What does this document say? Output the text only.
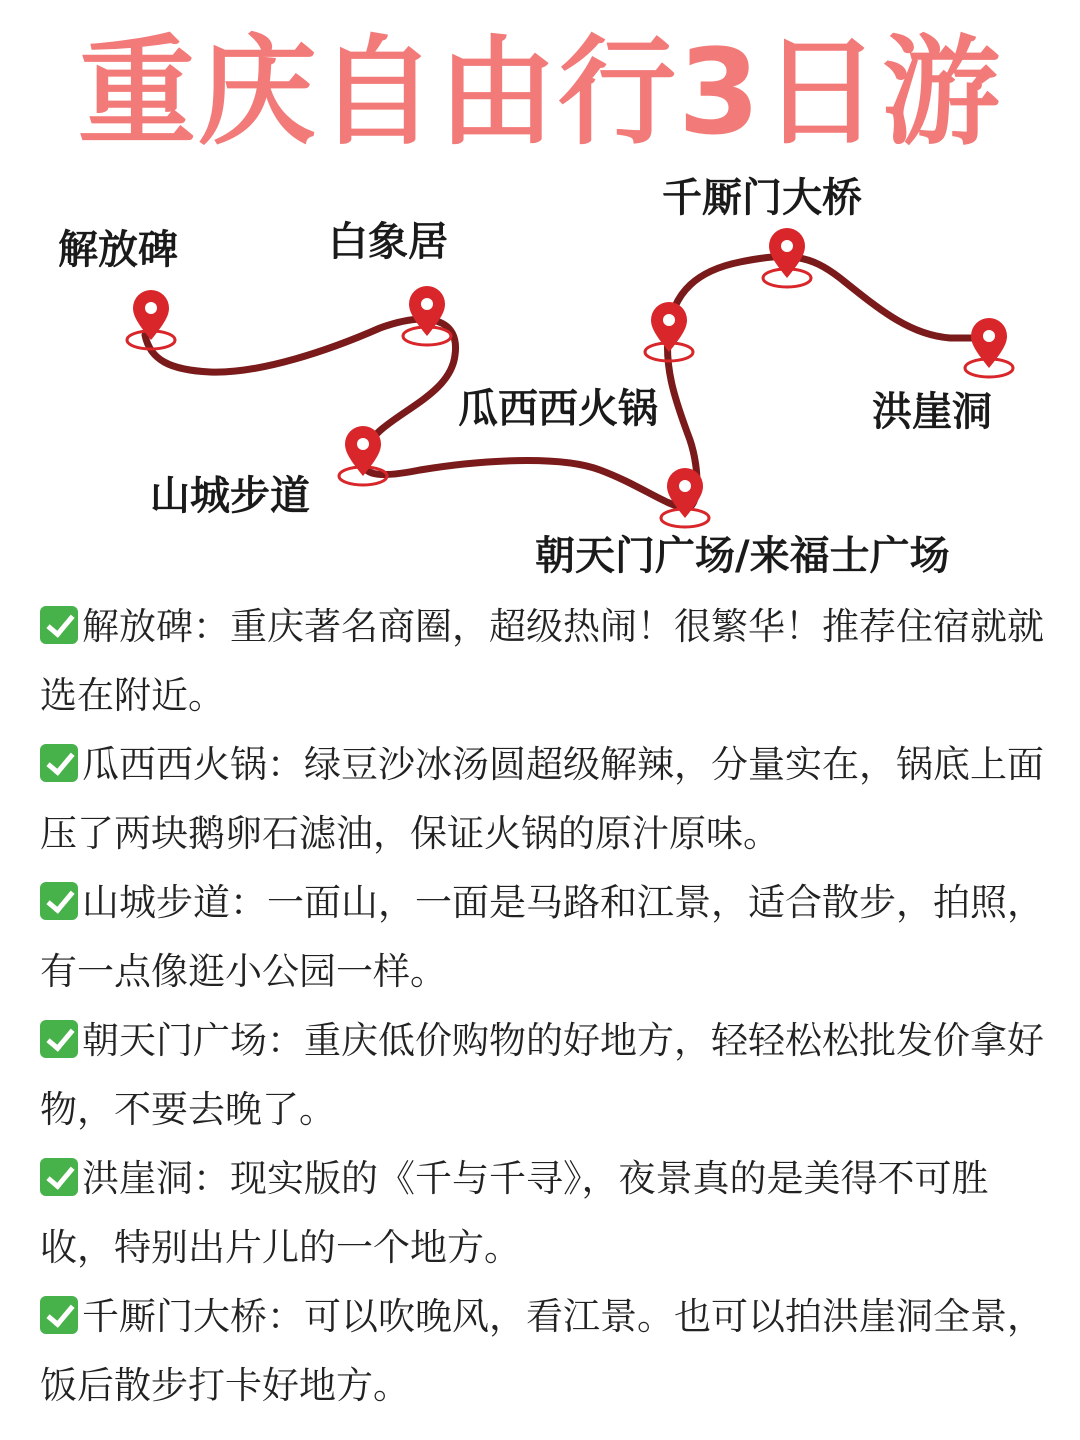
重庆自由行3日游
解放碑	白象居
瓜西西火锅
山城步道
朝天门广场/来福士广场
千厮门大桥
洪崖洞
解放碑：重庆著名商圈，超级热闹！很繁华！推荐住宿就就选在附近。
瓜西西火锅：绿豆沙冰汤圆超级解辣，分量实在，锅底上面压了两块鹅卵石滤油，保证火锅的原汁原味。
山城步道：一面山，一面是马路和江景，适合散步，拍照，有一点像逛小公园一样。
朝天门广场：重庆低价购物的好地方，轻轻松松批发价拿好物，不要去晚了。
洪崖洞：现实版的《千与千寻》，夜景真的是美得不可胜收，特别出片儿的一个地方。
千厮门大桥：可以吹晚风，看江景。也可以拍洪崖洞全景，饭后散步打卡好地方。
